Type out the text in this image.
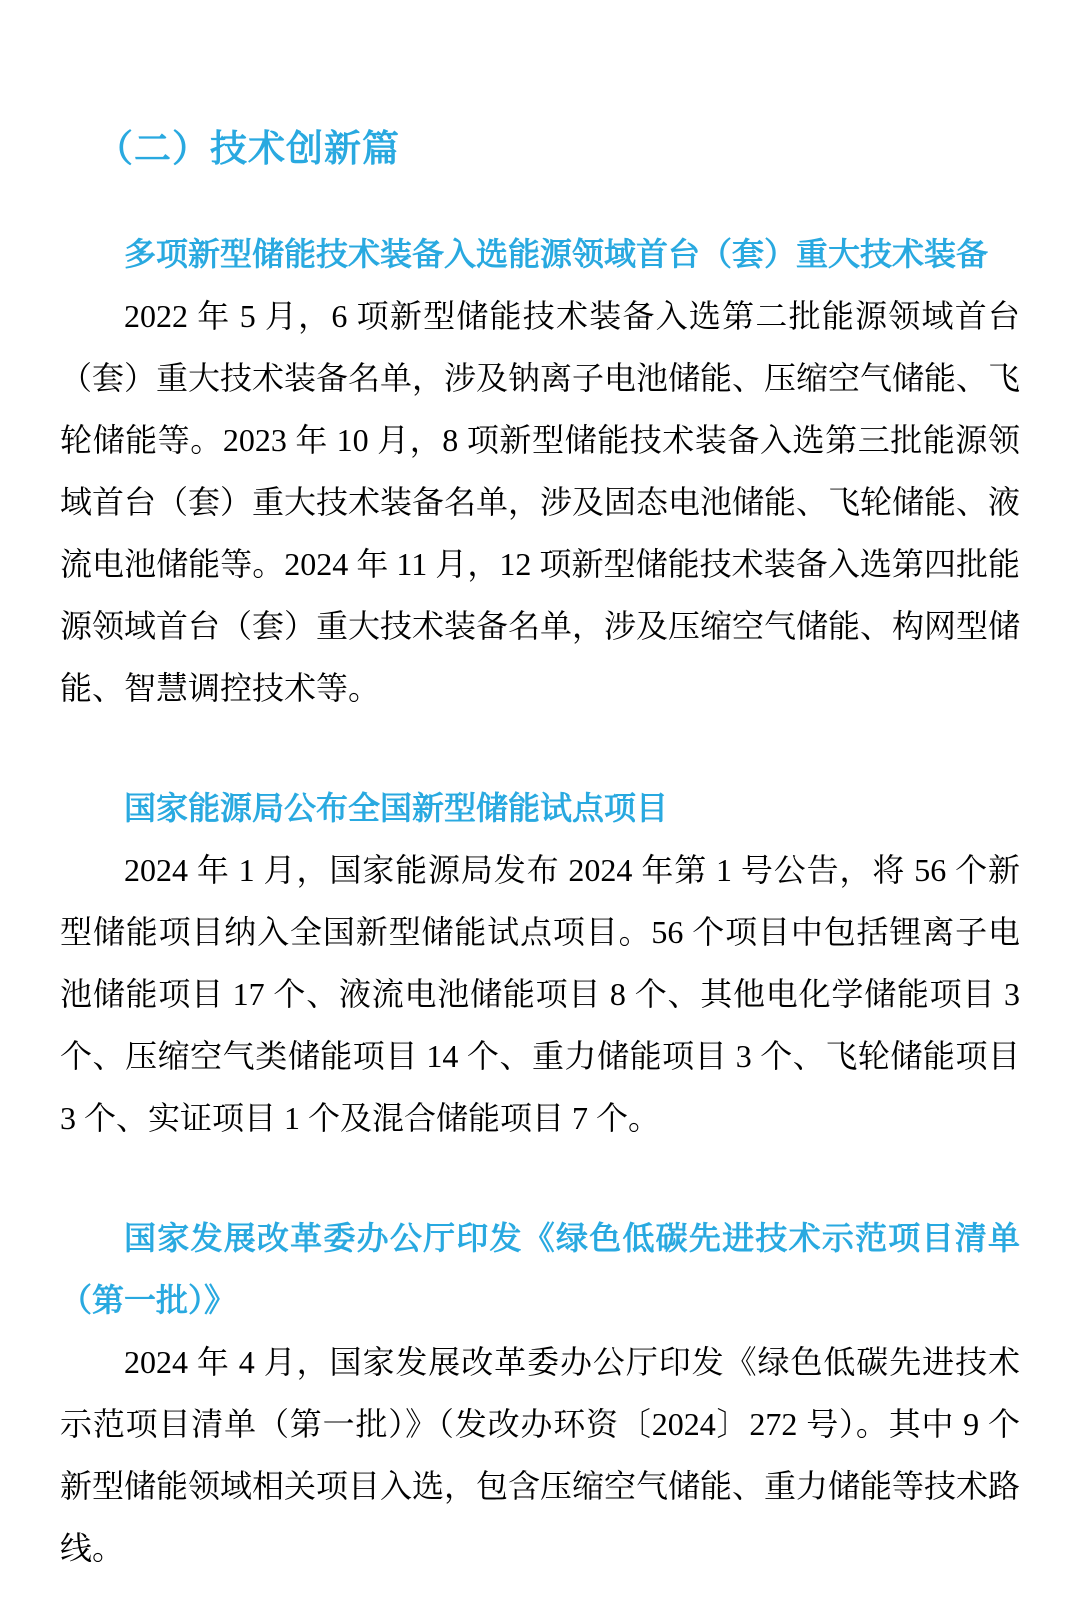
（二）技术创新篇
多项新型储能技术装备入选能源领域首台（套）重大技术装备

2022 年 5 月，6 项新型储能技术装备入选第二批能源领域首台（套）重大技术装备名单，涉及钠离子电池储能、压缩空气储能、飞轮储能等。2023 年 10 月，8 项新型储能技术装备入选第三批能源领域首台（套）重大技术装备名单，涉及固态电池储能、飞轮储能、液流电池储能等。2024 年 11 月，12 项新型储能技术装备入选第四批能源领域首台（套）重大技术装备名单，涉及压缩空气储能、构网型储能、智慧调控技术等。

国家能源局公布全国新型储能试点项目

2024 年 1 月，国家能源局发布 2024 年第 1 号公告，将 56 个新型储能项目纳入全国新型储能试点项目。56 个项目中包括锂离子电池储能项目 17 个、液流电池储能项目 8 个、其他电化学储能项目 3 个、压缩空气类储能项目 14 个、重力储能项目 3 个、飞轮储能项目 3 个、实证项目 1 个及混合储能项目 7 个。

国家发展改革委办公厅印发《绿色低碳先进技术示范项目清单（第一批）》

2024 年 4 月，国家发展改革委办公厅印发《绿色低碳先进技术示范项目清单（第一批）》（发改办环资〔2024〕272 号）。其中 9 个新型储能领域相关项目入选，包含压缩空气储能、重力储能等技术路线。
